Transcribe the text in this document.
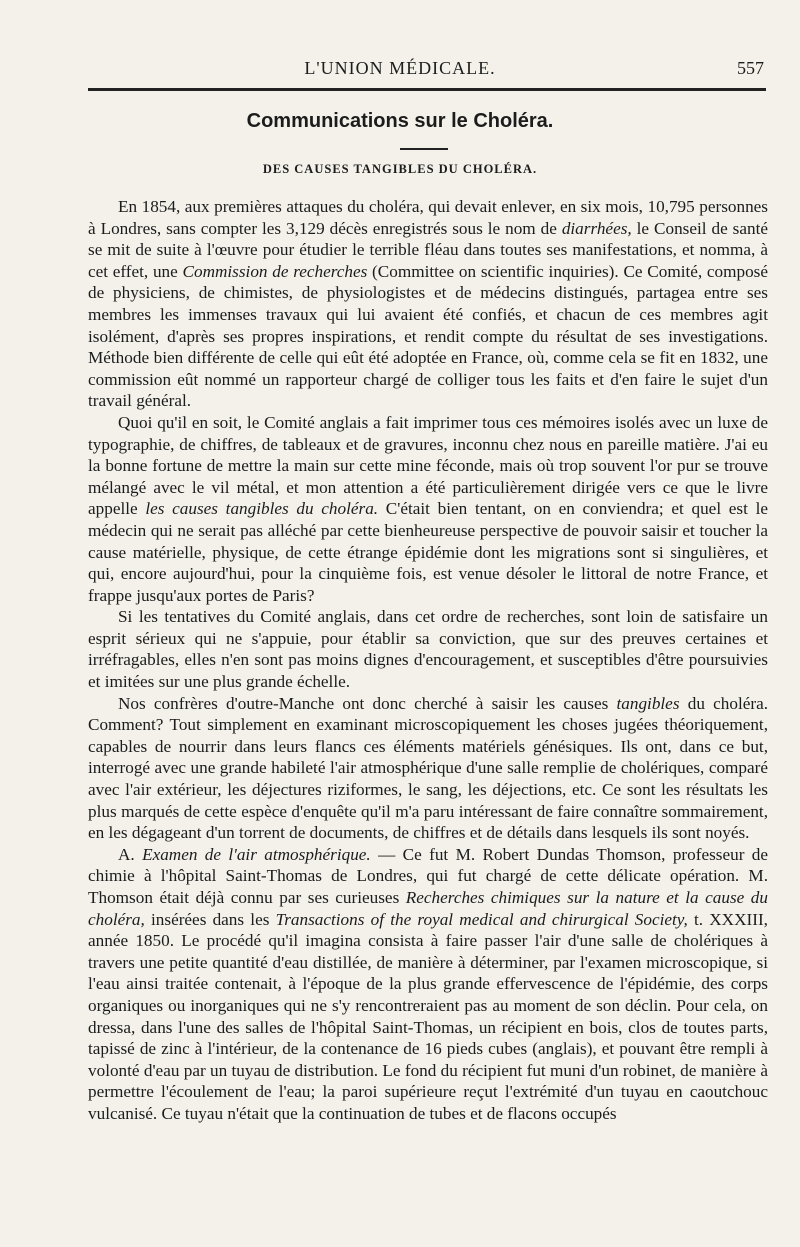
L'UNION MÉDICALE.	557
Communications sur le Choléra.
DES CAUSES TANGIBLES DU CHOLÉRA.

En 1854, aux premières attaques du choléra, qui devait enlever, en six mois, 10,795 personnes à Londres, sans compter les 3,129 décès enregistrés sous le nom de diarrhées, le Conseil de santé se mit de suite à l'œuvre pour étudier le terrible fléau dans toutes ses manifestations, et nomma, à cet effet, une Commission de recherches (Committee on scientific inquiries). Ce Comité, composé de physiciens, de chimistes, de physiologistes et de médecins distingués, partagea entre ses membres les immenses travaux qui lui avaient été confiés, et chacun de ces membres agit isolément, d'après ses propres inspirations, et rendit compte du résultat de ses investigations. Méthode bien différente de celle qui eût été adoptée en France, où, comme cela se fit en 1832, une commission eût nommé un rapporteur chargé de colliger tous les faits et d'en faire le sujet d'un travail général.

Quoi qu'il en soit, le Comité anglais a fait imprimer tous ces mémoires isolés avec un luxe de typographie, de chiffres, de tableaux et de gravures, inconnu chez nous en pareille matière. J'ai eu la bonne fortune de mettre la main sur cette mine féconde, mais où trop souvent l'or pur se trouve mélangé avec le vil métal, et mon attention a été particulièrement dirigée vers ce que le livre appelle les causes tangibles du choléra. C'était bien tentant, on en conviendra; et quel est le médecin qui ne serait pas alléché par cette bienheureuse perspective de pouvoir saisir et toucher la cause matérielle, physique, de cette étrange épidémie dont les migrations sont si singulières, et qui, encore aujourd'hui, pour la cinquième fois, est venue désoler le littoral de notre France, et frappe jusqu'aux portes de Paris?

Si les tentatives du Comité anglais, dans cet ordre de recherches, sont loin de satisfaire un esprit sérieux qui ne s'appuie, pour établir sa conviction, que sur des preuves certaines et irréfragables, elles n'en sont pas moins dignes d'encouragement, et susceptibles d'être poursuivies et imitées sur une plus grande échelle.

Nos confrères d'outre-Manche ont donc cherché à saisir les causes tangibles du choléra. Comment? Tout simplement en examinant microscopiquement les choses jugées théoriquement, capables de nourrir dans leurs flancs ces éléments matériels génésiques. Ils ont, dans ce but, interrogé avec une grande habileté l'air atmosphérique d'une salle remplie de cholériques, comparé avec l'air extérieur, les déjectures riziformes, le sang, les déjections, etc. Ce sont les résultats les plus marqués de cette espèce d'enquête qu'il m'a paru intéressant de faire connaître sommairement, en les dégageant d'un torrent de documents, de chiffres et de détails dans lesquels ils sont noyés.

A. Examen de l'air atmosphérique. — Ce fut M. Robert Dundas Thomson, professeur de chimie à l'hôpital Saint-Thomas de Londres, qui fut chargé de cette délicate opération. M. Thomson était déjà connu par ses curieuses Recherches chimiques sur la nature et la cause du choléra, insérées dans les Transactions of the royal medical and chirurgical Society, t. XXXIII, année 1850. Le procédé qu'il imagina consista à faire passer l'air d'une salle de cholériques à travers une petite quantité d'eau distillée, de manière à déterminer, par l'examen microscopique, si l'eau ainsi traitée contenait, à l'époque de la plus grande effervescence de l'épidémie, des corps organiques ou inorganiques qui ne s'y rencontreraient pas au moment de son déclin. Pour cela, on dressa, dans l'une des salles de l'hôpital Saint-Thomas, un récipient en bois, clos de toutes parts, tapissé de zinc à l'intérieur, de la contenance de 16 pieds cubes (anglais), et pouvant être rempli à volonté d'eau par un tuyau de distribution. Le fond du récipient fut muni d'un robinet, de manière à permettre l'écoulement de l'eau; la paroi supérieure reçut l'extrémité d'un tuyau en caoutchouc vulcanisé. Ce tuyau n'était que la continuation de tubes et de flacons occupés
